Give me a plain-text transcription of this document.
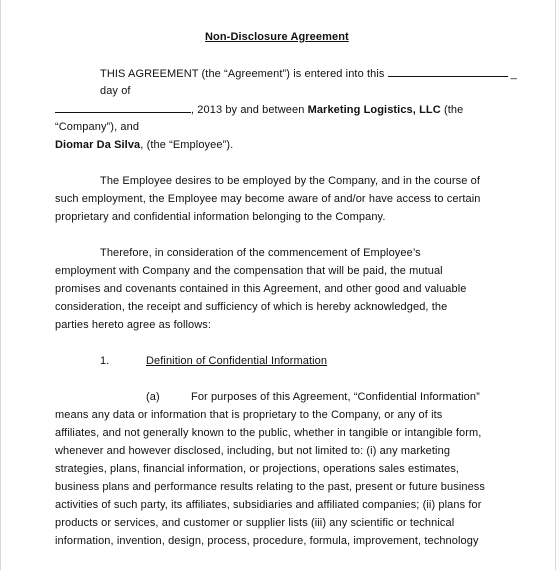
Non-Disclosure Agreement
THIS AGREEMENT (the “Agreement”) is entered into this	_
day of
, 2013 by and between Marketing Logistics, LLC (the
“Company”), and
Diomar Da Silva, (the “Employee”).
The Employee desires to be employed by the Company, and in the course of
such employment, the Employee may become aware of and/or have access to certain
proprietary and confidential information belonging to the Company.
Therefore, in consideration of the commencement of Employee’s
employment with Company and the compensation that will be paid, the mutual
promises and covenants contained in this Agreement, and other good and valuable
consideration, the receipt and sufficiency of which is hereby acknowledged, the
parties hereto agree as follows:
1.	Definition of Confidential Information
(a)	For purposes of this Agreement, “Confidential Information”
means any data or information that is proprietary to the Company, or any of its
affiliates, and not generally known to the public, whether in tangible or intangible form,
whenever and however disclosed, including, but not limited to: (i) any marketing
strategies, plans, financial information, or projections, operations sales estimates,
business plans and performance results relating to the past, present or future business
activities of such party, its affiliates, subsidiaries and affiliated companies; (ii) plans for
products or services, and customer or supplier lists (iii) any scientific or technical
information, invention, design, process, procedure, formula, improvement, technology
